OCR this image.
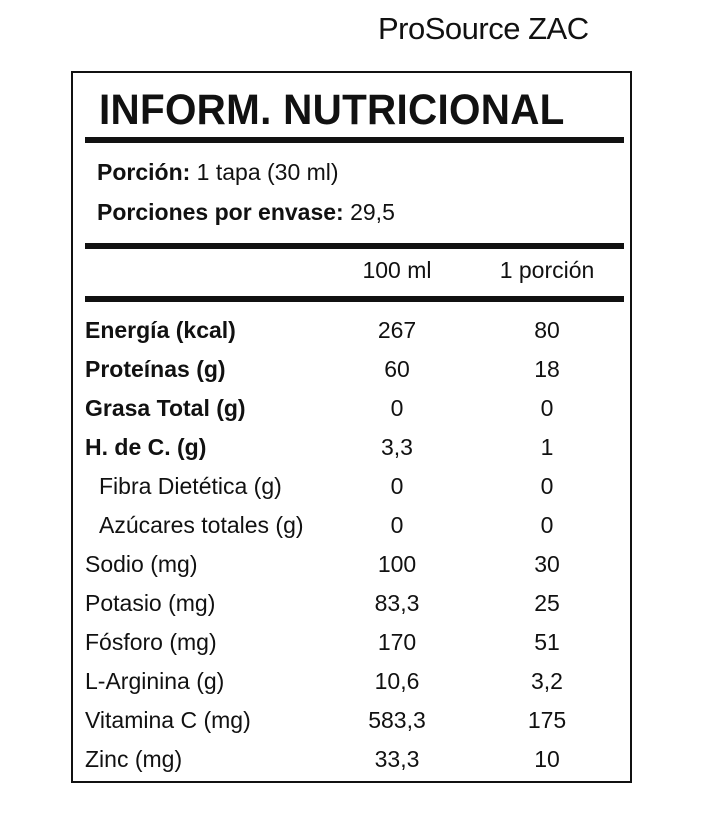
ProSource ZAC
INFORM. NUTRICIONAL
Porción: 1 tapa (30 ml)
Porciones por envase: 29,5
100 ml	1 porción
Energía (kcal)	267	80
Proteínas (g)	60	18
Grasa Total (g)	0	0
H. de C. (g)	3,3	1
Fibra Dietética (g)	0	0
Azúcares totales (g)	0	0
Sodio (mg)	100	30
Potasio (mg)	83,3	25
Fósforo (mg)	170	51
L-Arginina (g)	10,6	3,2
Vitamina C (mg)	583,3	175
Zinc (mg)	33,3	10
